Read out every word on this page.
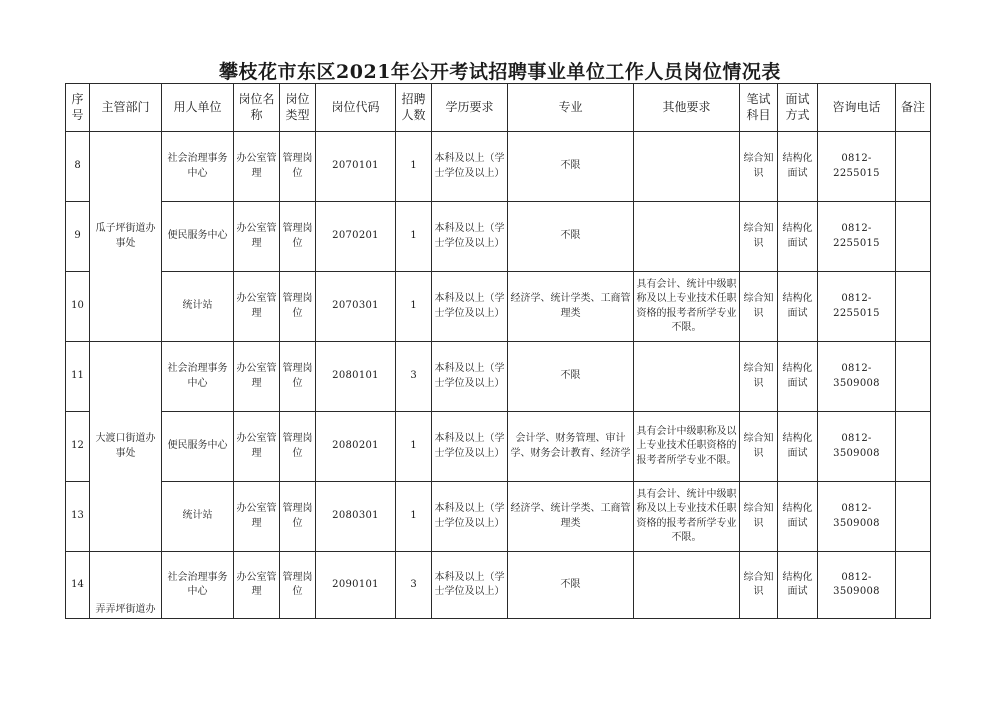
攀枝花市东区2021年公开考试招聘事业单位工作人员岗位情况表
序号	主管部门	用人单位	岗位名称	岗位类型	岗位代码	招聘人数	学历要求	专业	其他要求	笔试科目	面试方式	咨询电话	备注
8	瓜子坪街道办事处	社会治理事务中心	办公室管理	管理岗位	2070101	1	本科及以上（学士学位及以上）	不限		综合知识	结构化面试	0812-2255015	
9		便民服务中心	办公室管理	管理岗位	2070201	1	本科及以上（学士学位及以上）	不限		综合知识	结构化面试	0812-2255015	
10		统计站	办公室管理	管理岗位	2070301	1	本科及以上（学士学位及以上）	经济学、统计学类、工商管理类	具有会计、统计中级职称及以上专业技术任职资格的报考者所学专业不限。	综合知识	结构化面试	0812-2255015	
11	大渡口街道办事处	社会治理事务中心	办公室管理	管理岗位	2080101	3	本科及以上（学士学位及以上）	不限		综合知识	结构化面试	0812-3509008	
12		便民服务中心	办公室管理	管理岗位	2080201	1	本科及以上（学士学位及以上）	会计学、财务管理、审计学、财务会计教育、经济学	具有会计中级职称及以上专业技术任职资格的报考者所学专业不限。	综合知识	结构化面试	0812-3509008	
13		统计站	办公室管理	管理岗位	2080301	1	本科及以上（学士学位及以上）	经济学、统计学类、工商管理类	具有会计、统计中级职称及以上专业技术任职资格的报考者所学专业不限。	综合知识	结构化面试	0812-3509008	
14	弄弄坪街道办	社会治理事务中心	办公室管理	管理岗位	2090101	3	本科及以上（学士学位及以上）	不限		综合知识	结构化面试	0812-3509008	
